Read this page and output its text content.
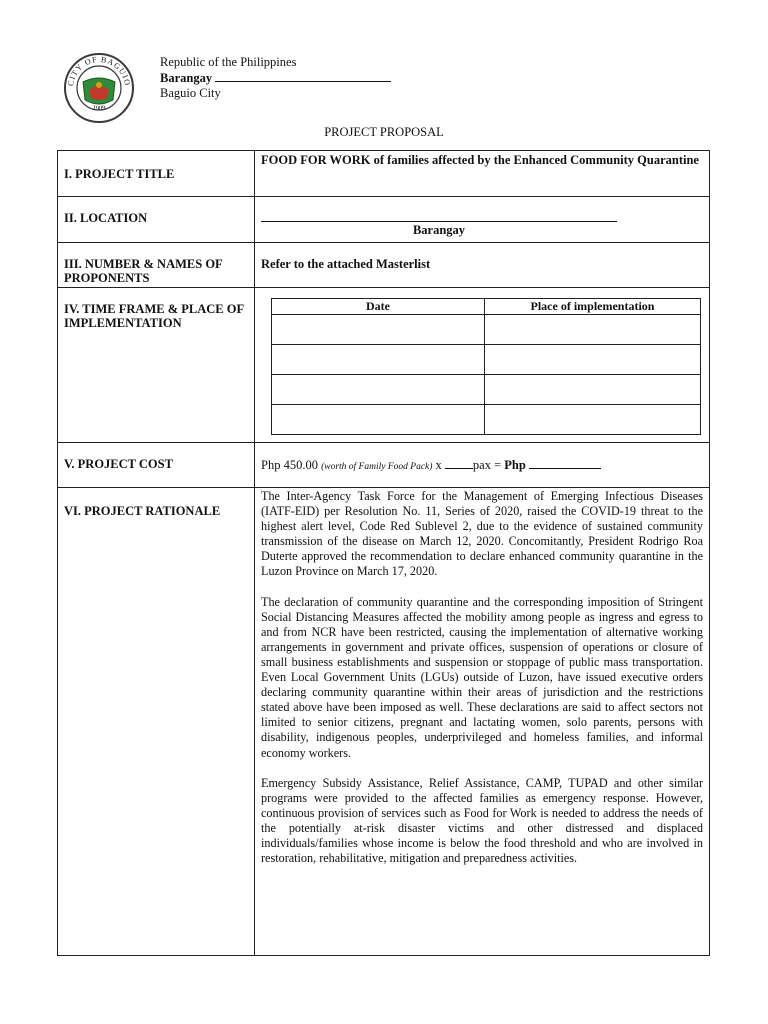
CITY OF BAGUIO
1909
Republic of the Philippines
Barangay
Baguio City
PROJECT PROPOSAL
I. PROJECT TITLE

FOOD FOR WORK of families affected by the Enhanced Community Quarantine

II. LOCATION

Barangay

III. NUMBER & NAMES OF PROPONENTS

Refer to the attached Masterlist

IV. TIME FRAME & PLACE OF IMPLEMENTATION

Date	Place of implementation

V. PROJECT COST	Php 450.00 (worth of Family Food Pack) x pax = Php

VI. PROJECT RATIONALE

The Inter-Agency Task Force for the Management of Emerging Infectious Diseases (IATF-EID) per Resolution No. 11, Series of 2020, raised the COVID-19 threat to the highest alert level, Code Red Sublevel 2, due to the evidence of sustained community transmission of the disease on March 12, 2020. Concomitantly, President Rodrigo Roa Duterte approved the recommendation to declare enhanced community quarantine in the Luzon Province on March 17, 2020.

The declaration of community quarantine and the corresponding imposition of Stringent Social Distancing Measures affected the mobility among people as ingress and egress to and from NCR have been restricted, causing the implementation of alternative working arrangements in government and private offices, suspension of operations or closure of small business establishments and suspension or stoppage of public mass transportation. Even Local Government Units (LGUs) outside of Luzon, have issued executive orders declaring community quarantine within their areas of jurisdiction and the restrictions stated above have been imposed as well. These declarations are said to affect sectors not limited to senior citizens, pregnant and lactating women, solo parents, persons with disability, indigenous peoples, underprivileged and homeless families, and informal economy workers.

Emergency Subsidy Assistance, Relief Assistance, CAMP, TUPAD and other similar programs were provided to the affected families as emergency response. However, continuous provision of services such as Food for Work is needed to address the needs of the potentially at-risk disaster victims and other distressed and displaced individuals/families whose income is below the food threshold and who are involved in restoration, rehabilitative, mitigation and preparedness activities.
